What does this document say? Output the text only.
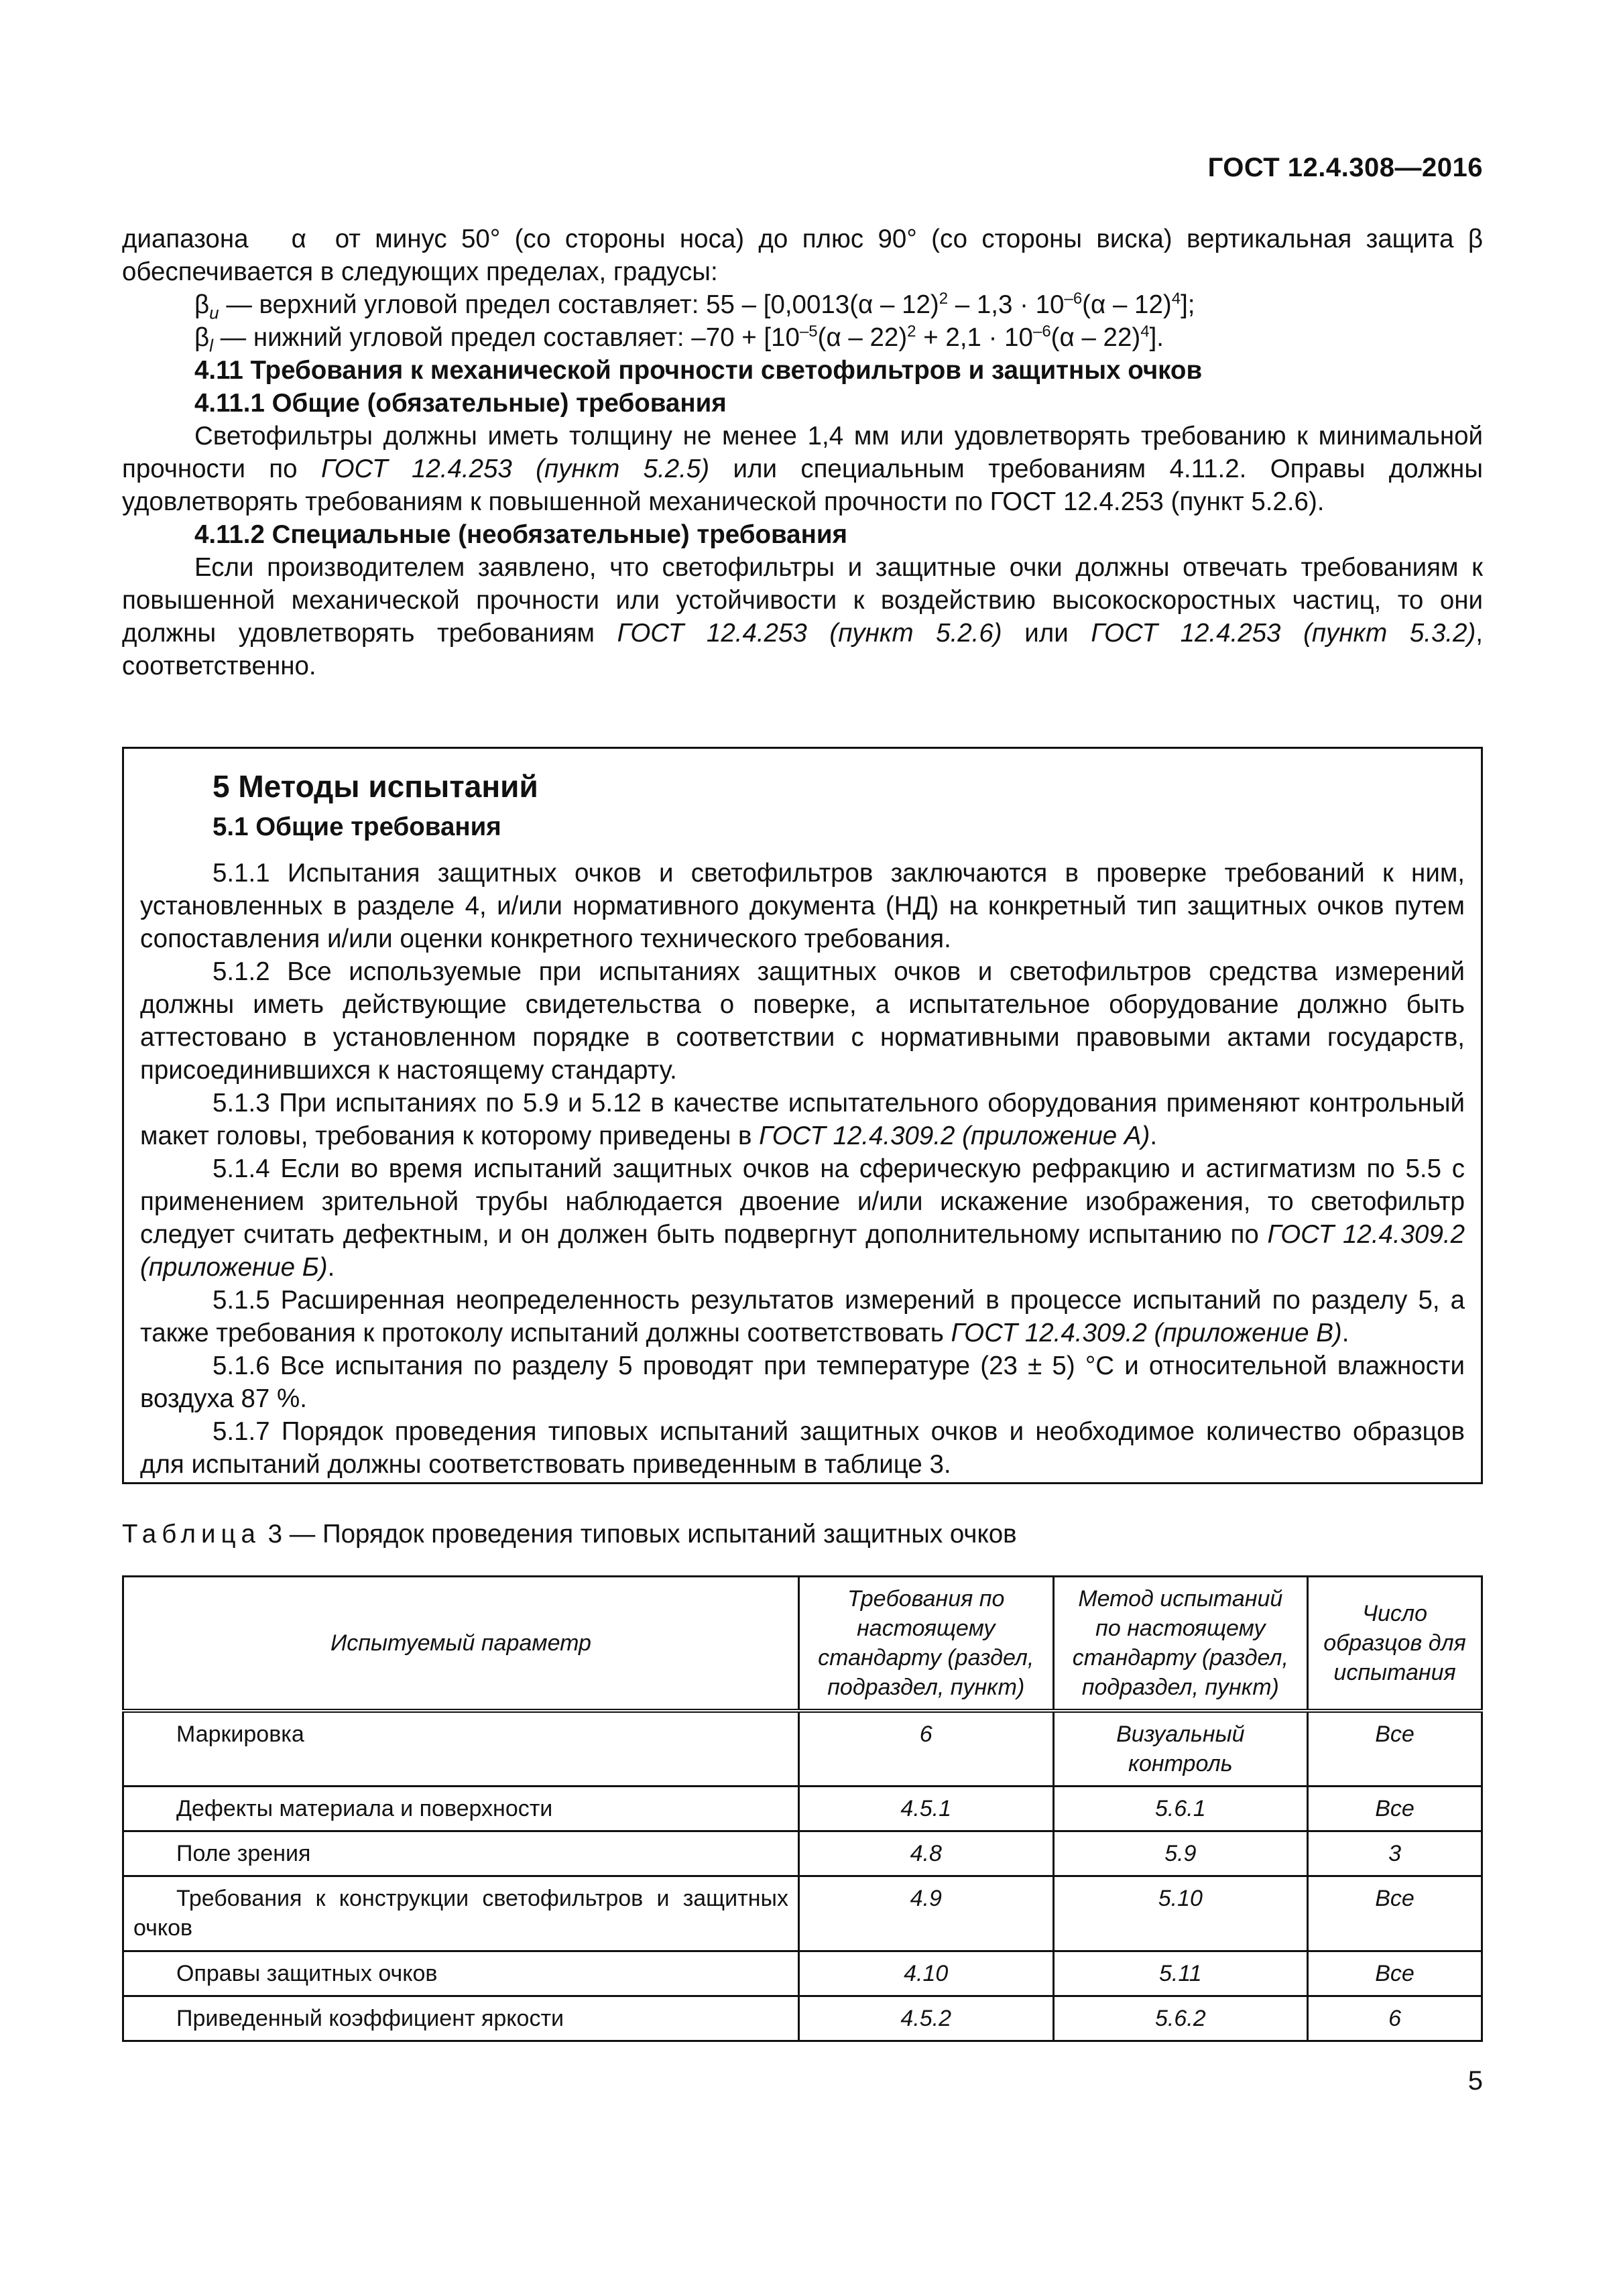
ГОСТ 12.4.308—2016

диапазона α от минус 50° (со стороны носа) до плюс 90° (со стороны виска) вертикальная защита β обеспечивается в следующих пределах, градусы:

$\beta_u$ — верхний угловой предел составляет: $55 - [0,0013(\alpha - 12)^2 - 1,3 \cdot 10^{-6}(\alpha - 12)^4]$;

$\beta_l$ — нижний угловой предел составляет: $-70 + [10^{-5}(\alpha - 22)^2 + 2,1 \cdot 10^{-6}(\alpha - 22)^4]$.

4.11 Требования к механической прочности светофильтров и защитных очков

4.11.1 Общие (обязательные) требования

Светофильтры должны иметь толщину не менее 1,4 мм или удовлетворять требованию к минимальной прочности по ГОСТ 12.4.253 (пункт 5.2.5) или специальным требованиям 4.11.2. Оправы должны удовлетворять требованиям к повышенной механической прочности по ГОСТ 12.4.253 (пункт 5.2.6).

4.11.2 Специальные (необязательные) требования

Если производителем заявлено, что светофильтры и защитные очки должны отвечать требованиям к повышенной механической прочности или устойчивости к воздействию высокоскоростных частиц, то они должны удовлетворять требованиям ГОСТ 12.4.253 (пункт 5.2.6) или ГОСТ 12.4.253 (пункт 5.3.2), соответственно.

5 Методы испытаний
5.1 Общие требования

5.1.1 Испытания защитных очков и светофильтров заключаются в проверке требований к ним, установленных в разделе 4, и/или нормативного документа (НД) на конкретный тип защитных очков путем сопоставления и/или оценки конкретного технического требования.

5.1.2 Все используемые при испытаниях защитных очков и светофильтров средства измерений должны иметь действующие свидетельства о поверке, а испытательное оборудование должно быть аттестовано в установленном порядке в соответствии с нормативными правовыми актами государств, присоединившихся к настоящему стандарту.

5.1.3 При испытаниях по 5.9 и 5.12 в качестве испытательного оборудования применяют контрольный макет головы, требования к которому приведены в ГОСТ 12.4.309.2 (приложение А).

5.1.4 Если во время испытаний защитных очков на сферическую рефракцию и астигматизм по 5.5 с применением зрительной трубы наблюдается двоение и/или искажение изображения, то светофильтр следует считать дефектным, и он должен быть подвергнут дополнительному испытанию по ГОСТ 12.4.309.2 (приложение Б).

5.1.5 Расширенная неопределенность результатов измерений в процессе испытаний по разделу 5, а также требования к протоколу испытаний должны соответствовать ГОСТ 12.4.309.2 (приложение В).

5.1.6 Все испытания по разделу 5 проводят при температуре (23 ± 5) °С и относительной влажности воздуха 87 %.

5.1.7 Порядок проведения типовых испытаний защитных очков и необходимое количество образцов для испытаний должны соответствовать приведенным в таблице 3.

Таблица 3 — Порядок проведения типовых испытаний защитных очков
Испытуемый параметр	Требования по настоящему стандарту (раздел, подраздел, пункт)	Метод испытаний по настоящему стандарту (раздел, подраздел, пункт)	Число образцов для испытания
Маркировка	6	Визуальный контроль	Все
Дефекты материала и поверхности	4.5.1	5.6.1	Все
Поле зрения	4.8	5.9	3
Требования к конструкции светофильтров и защитных очков	4.9	5.10	Все
Оправы защитных очков	4.10	5.11	Все
Приведенный коэффициент яркости	4.5.2	5.6.2	6
5
